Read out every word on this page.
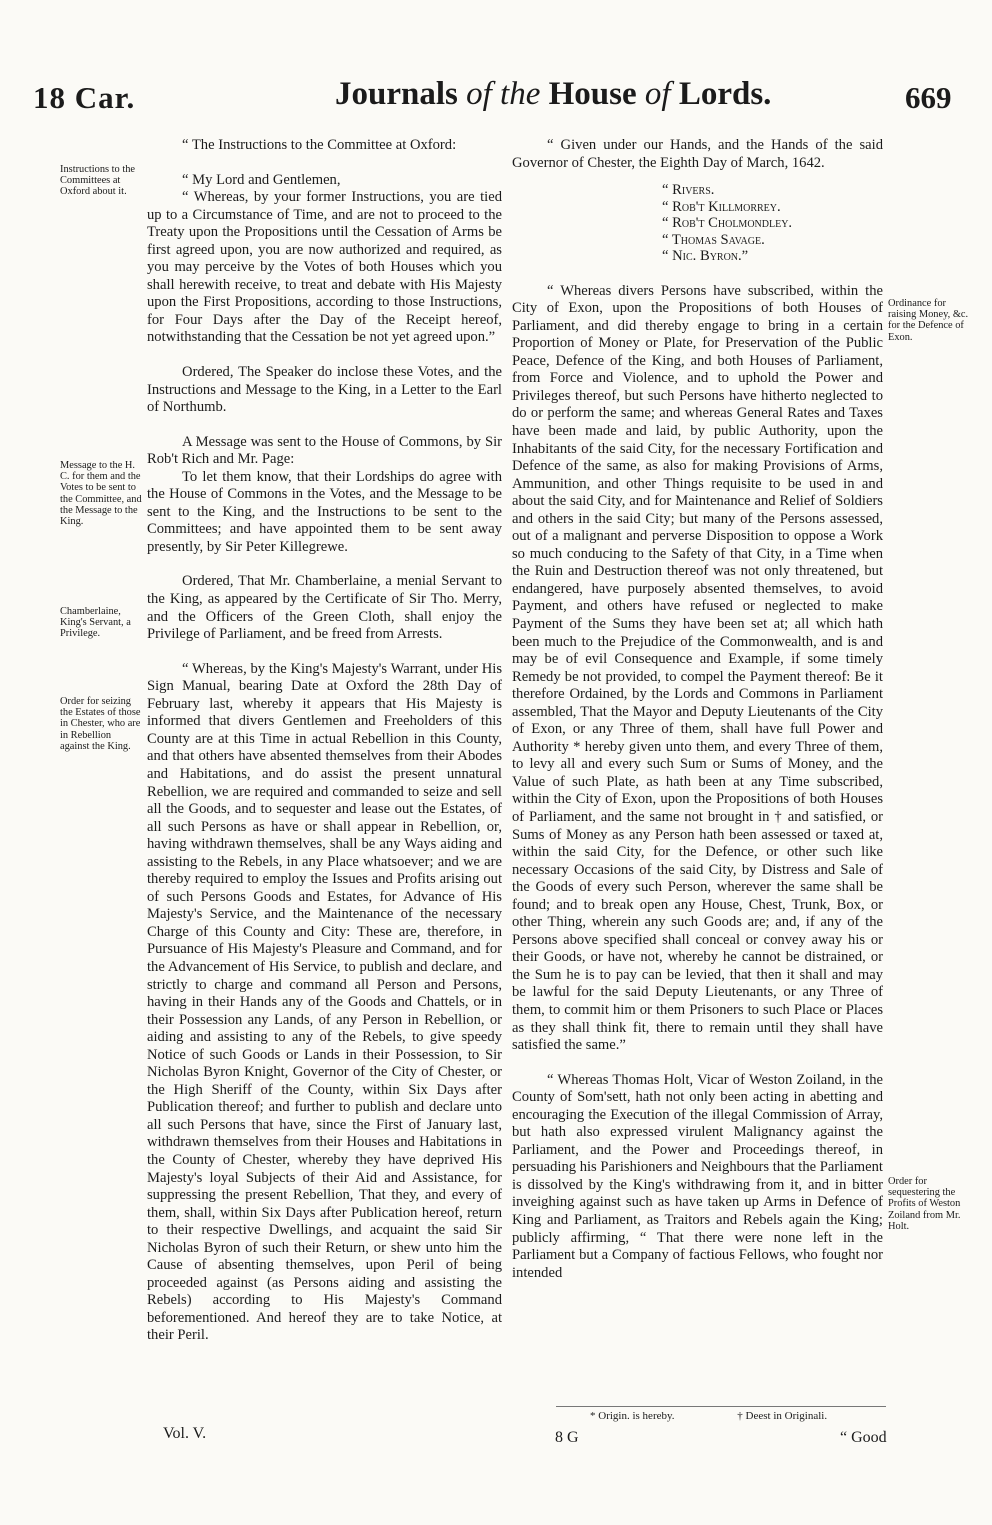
18 Car.	Journals of the House of Lords.	669
Instructions to the Committees at Oxford about it.
Message to the H. C. for them and the Votes to be sent to the Committee, and the Message to the King.
Chamberlaine, King's Servant, a Privilege.
Order for seizing the Estates of those in Chester, who are in Rebellion against the King.
Ordinance for raising Money, &c. for the Defence of Exon.
Order for sequestering the Profits of Weston Zoiland from Mr. Holt.

“ The Instructions to the Committee at Oxford:

“ My Lord and Gentlemen,

“ Whereas, by your former Instructions, you are tied up to a Circumstance of Time, and are not to proceed to the Treaty upon the Propositions until the Cessation of Arms be first agreed upon, you are now authorized and required, as you may perceive by the Votes of both Houses which you shall herewith receive, to treat and debate with His Majesty upon the First Propositions, according to those Instructions, for Four Days after the Day of the Receipt hereof, notwithstanding that the Cessation be not yet agreed upon.”

Ordered, The Speaker do inclose these Votes, and the Instructions and Message to the King, in a Letter to the Earl of Northumb.

A Message was sent to the House of Commons, by Sir Rob't Rich and Mr. Page:

To let them know, that their Lordships do agree with the House of Commons in the Votes, and the Message to be sent to the King, and the Instructions to be sent to the Committees; and have appointed them to be sent away presently, by Sir Peter Killegrewe.

Ordered, That Mr. Chamberlaine, a menial Servant to the King, as appeared by the Certificate of Sir Tho. Merry, and the Officers of the Green Cloth, shall enjoy the Privilege of Parliament, and be freed from Arrests.

“ Whereas, by the King's Majesty's Warrant, under His Sign Manual, bearing Date at Oxford the 28th Day of February last, whereby it appears that His Majesty is informed that divers Gentlemen and Freeholders of this County are at this Time in actual Rebellion in this County, and that others have absented themselves from their Abodes and Habitations, and do assist the present unnatural Rebellion, we are required and commanded to seize and sell all the Goods, and to sequester and lease out the Estates, of all such Persons as have or shall appear in Rebellion, or, having withdrawn themselves, shall be any Ways aiding and assisting to the Rebels, in any Place whatsoever; and we are thereby required to employ the Issues and Profits arising out of such Persons Goods and Estates, for Advance of His Majesty's Service, and the Maintenance of the necessary Charge of this County and City: These are, therefore, in Pursuance of His Majesty's Pleasure and Command, and for the Advancement of His Service, to publish and declare, and strictly to charge and command all Person and Persons, having in their Hands any of the Goods and Chattels, or in their Possession any Lands, of any Person in Rebellion, or aiding and assisting to any of the Rebels, to give speedy Notice of such Goods or Lands in their Possession, to Sir Nicholas Byron Knight, Governor of the City of Chester, or the High Sheriff of the County, within Six Days after Publication thereof; and further to publish and declare unto all such Persons that have, since the First of January last, withdrawn themselves from their Houses and Habitations in the County of Chester, whereby they have deprived His Majesty's loyal Subjects of their Aid and Assistance, for suppressing the present Rebellion, That they, and every of them, shall, within Six Days after Publication hereof, return to their respective Dwellings, and acquaint the said Sir Nicholas Byron of such their Return, or shew unto him the Cause of absenting themselves, upon Peril of being proceeded against (as Persons aiding and assisting the Rebels) according to His Majesty's Command beforementioned. And hereof they are to take Notice, at their Peril.

“ Given under our Hands, and the Hands of the said Governor of Chester, the Eighth Day of March, 1642.

“ Rivers.
“ Rob't Killmorrey.
“ Rob't Cholmondley.
“ Thomas Savage.
“ Nic. Byron.”

“ Whereas divers Persons have subscribed, within the City of Exon, upon the Propositions of both Houses of Parliament, and did thereby engage to bring in a certain Proportion of Money or Plate, for Preservation of the Public Peace, Defence of the King, and both Houses of Parliament, from Force and Violence, and to uphold the Power and Privileges thereof, but such Persons have hitherto neglected to do or perform the same; and whereas General Rates and Taxes have been made and laid, by public Authority, upon the Inhabitants of the said City, for the necessary Fortification and Defence of the same, as also for making Provisions of Arms, Ammunition, and other Things requisite to be used in and about the said City, and for Maintenance and Relief of Soldiers and others in the said City; but many of the Persons assessed, out of a malignant and perverse Disposition to oppose a Work so much conducing to the Safety of that City, in a Time when the Ruin and Destruction thereof was not only threatened, but endangered, have purposely absented themselves, to avoid Payment, and others have refused or neglected to make Payment of the Sums they have been set at; all which hath been much to the Prejudice of the Commonwealth, and is and may be of evil Consequence and Example, if some timely Remedy be not provided, to compel the Payment thereof: Be it therefore Ordained, by the Lords and Commons in Parliament assembled, That the Mayor and Deputy Lieutenants of the City of Exon, or any Three of them, shall have full Power and Authority * hereby given unto them, and every Three of them, to levy all and every such Sum or Sums of Money, and the Value of such Plate, as hath been at any Time subscribed, within the City of Exon, upon the Propositions of both Houses of Parliament, and the same not brought in † and satisfied, or Sums of Money as any Person hath been assessed or taxed at, within the said City, for the Defence, or other such like necessary Occasions of the said City, by Distress and Sale of the Goods of every such Person, wherever the same shall be found; and to break open any House, Chest, Trunk, Box, or other Thing, wherein any such Goods are; and, if any of the Persons above specified shall conceal or convey away his or their Goods, or have not, whereby he cannot be distrained, or the Sum he is to pay can be levied, that then it shall and may be lawful for the said Deputy Lieutenants, or any Three of them, to commit him or them Prisoners to such Place or Places as they shall think fit, there to remain until they shall have satisfied the same.”

“ Whereas Thomas Holt, Vicar of Weston Zoiland, in the County of Som'sett, hath not only been acting in abetting and encouraging the Execution of the illegal Commission of Array, but hath also expressed virulent Malignancy against the Parliament, and the Power and Proceedings thereof, in persuading his Parishioners and Neighbours that the Parliament is dissolved by the King's withdrawing from it, and in bitter inveighing against such as have taken up Arms in Defence of King and Parliament, as Traitors and Rebels again the King; publicly affirming, “ That there were none left in the Parliament but a Company of factious Fellows, who fought nor intended

* Origin. is hereby.	† Deest in Originali.
Vol. V.	8 G	“ Good
